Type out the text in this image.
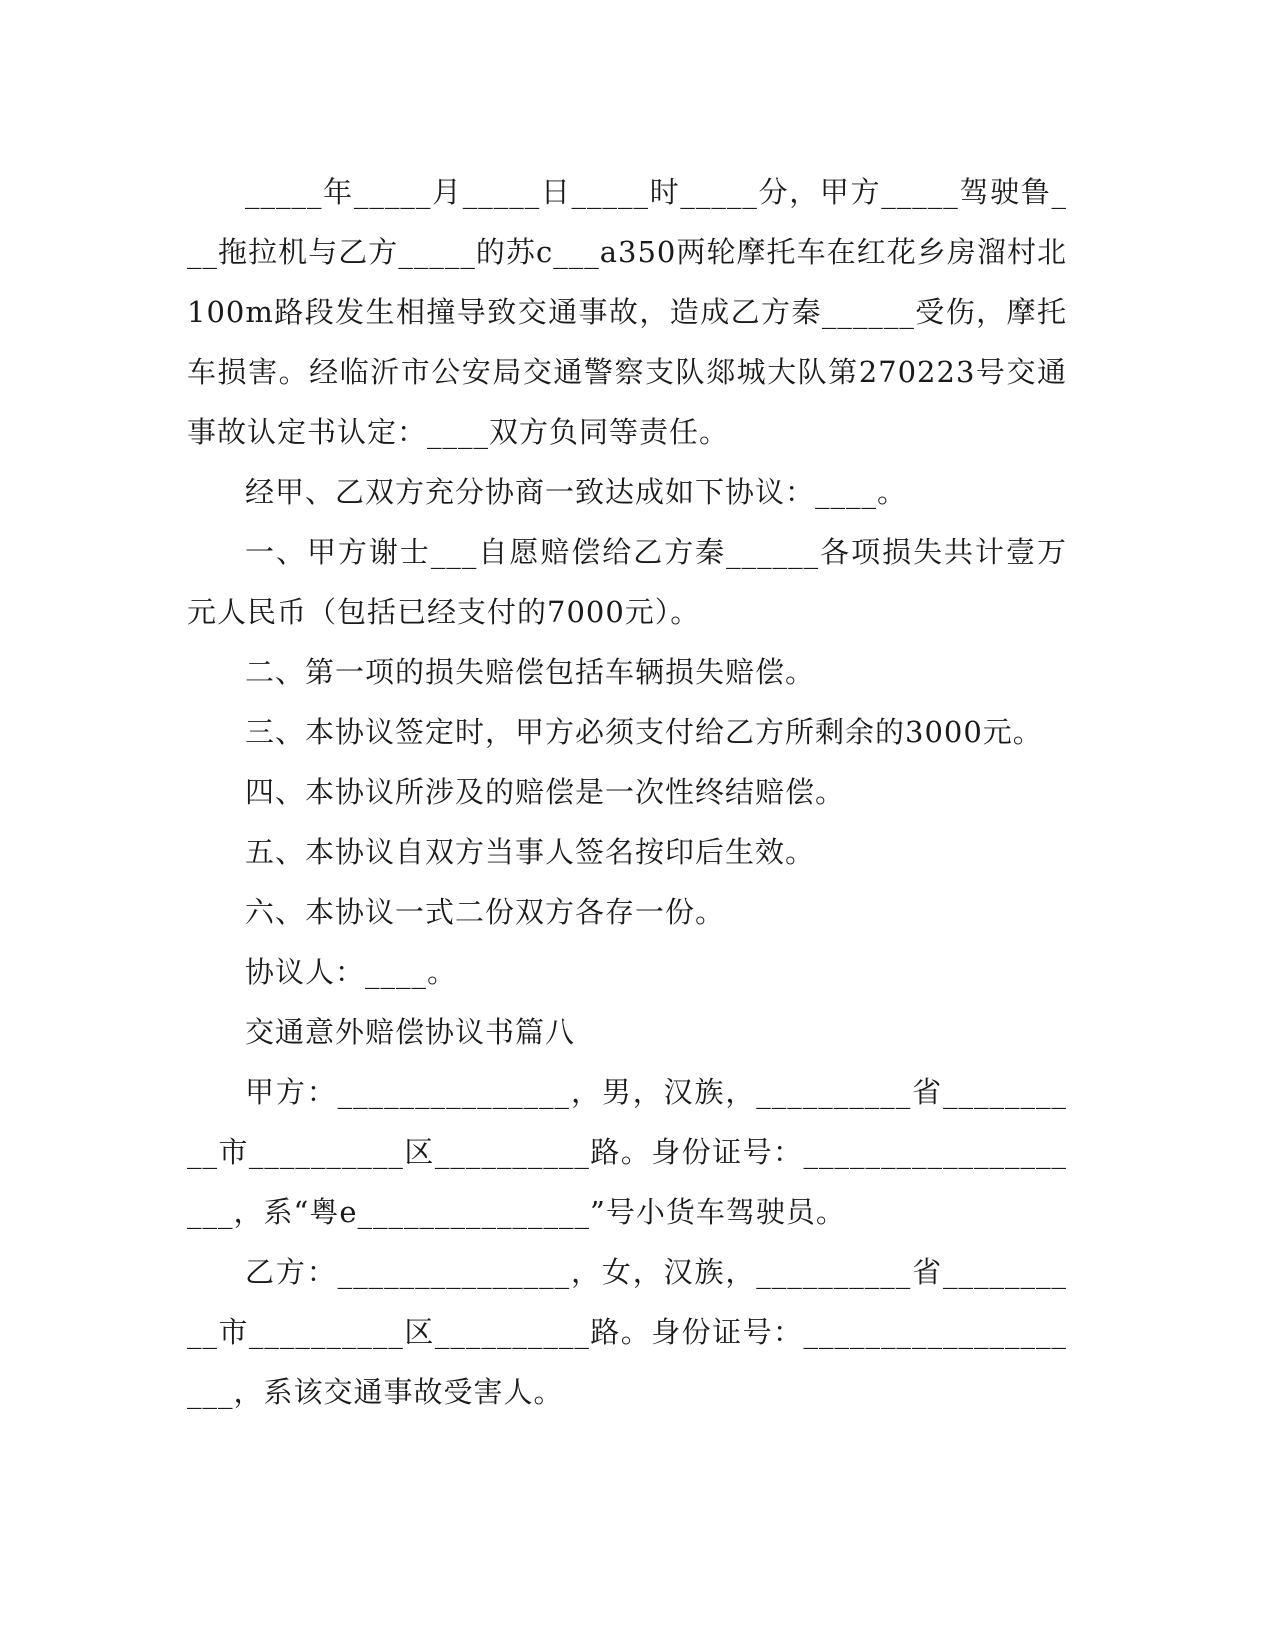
_____年_____月_____日_____时_____分，甲方_____驾驶鲁___拖拉机与乙方_____的苏c___a350两轮摩托车在红花乡房溜村北100m路段发生相撞导致交通事故，造成乙方秦______受伤，摩托车损害。经临沂市公安局交通警察支队郯城大队第270223号交通事故认定书认定：____双方负同等责任。

经甲、乙双方充分协商一致达成如下协议：____。

一、甲方谢士___自愿赔偿给乙方秦______各项损失共计壹万元人民币（包括已经支付的7000元）。

二、第一项的损失赔偿包括车辆损失赔偿。

三、本协议签定时，甲方必须支付给乙方所剩余的3000元。

四、本协议所涉及的赔偿是一次性终结赔偿。

五、本协议自双方当事人签名按印后生效。

六、本协议一式二份双方各存一份。

协议人：____。

交通意外赔偿协议书篇八

甲方：_______________，男，汉族，__________省__________市__________区__________路。身份证号：____________________，系“粤e_______________”号小货车驾驶员。

乙方：_______________，女，汉族，__________省__________市__________区__________路。身份证号：____________________，系该交通事故受害人。
